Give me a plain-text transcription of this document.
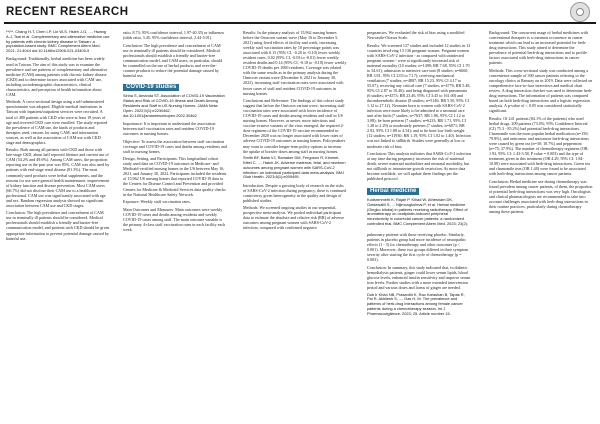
RECENT RESEARCH

**/**. Chang H-T, Chen I-P, Lin W-S, Hsieh J-G, ..., Hwang A-J, Tsai et al. Complementary and alternative medicine use by patients with chronic kidney disease in Taiwan: a population-based study. BMC Complement Altern Med. 2021; 21:4044 doi:10.1186/s12906-021-03405-9

Background: Traditionally, herbal medicine has been widely used in Taiwan. The aim of this study was to examine the prevalence and use patterns of complementary and alternative medicine (CAM) among patients with chronic kidney disease (CKD) and to determine factors associated with CAM use, including sociodemographic characteristics, clinical characteristics, and perception of health information about CAM.

Methods: A cross-sectional design using a self-administered questionnaire was adopted. Eligible medical institutions in Taiwan with inpatient/outpatient services were recruited. A total of 480 patients with CKD who were at least 18 years of age and received CKD care were enrolled. The study reported the prevalence of CAM use, the kinds of products and therapies used, reasons for using CAM, and information sources, as well as the association of CAM use with CKD stage and demographics.

Results: Both among all patients with CKD and those with late-stage CKD, about half reported lifetime and current use of CAM (54.2% and 49.6%). Among CAM users, the proportion reporting use in the past year was 85%. CAM was also used by patients with end-stage renal disease (81.3%). The most commonly used products were herbal supplements, and the reasons for use were general health maintenance, improvement of kidney function and disease prevention. Most CAM users (66.7%) did not disclose their CAM use to a healthcare professional. CAM use was significantly associated with age and sex. Random regression analysis showed no significant association between CAM use and CKD stages.

Conclusion: The high prevalence and concealment of CAM use in terminally ill patients should be considered. Medical professionals should establish a friendly and barrier-free communication model, and patients with CKD should be given appropriate information to prevent potential damage caused by harmful use.

ratio, 8.73; 95% confidence interval, 1.97-40.35) or influenza (odds ratio, 3.45; 95% confidence interval, 2.44-5.01).

Conclusion: The high prevalence and concealment of CAM use in terminally ill patients should be considered. Medical professionals should establish a friendly and barrier-free communication model, and CAM users, in particular, should be counselled on the use of herbal products and over-the-counter products to reduce the potential damage caused by harmful use.

COVID-19 studies

Sinha S, Amanda ST. Association of COVID-19 Vaccination Status and Risk of COVID-19 Illness and Death Among Residents and Staff in US Nursing Homes. JAMA Netw Open. 2022;5(1):e2230462. doi:10.1001/jamanetworkopen.2022.30462

Importance: It is important to understand the association between staff vaccination rates and resident COVID-19 outcomes in nursing homes.

Objective: To assess the association between staff vaccination coverage and COVID-19 cases and deaths among residents and staff in nursing homes.

Design, Setting, and Participants: This longitudinal cohort study used data on COVID-19 outcomes in Medicare- and Medicaid-certified nursing homes in the US between May 16, 2021, and January 30, 2022. Participants included the residents of 15,962 US nursing homes that reported COVID-19 data to the Centers for Disease Control and Prevention and provided Centers for Medicare & Medicaid Services data quality checks in the National Healthcare Safety Network.

Exposure: Weekly staff vaccination rates.

Main Outcomes and Measures: Main outcomes were weekly COVID-19 cases and deaths among residents and weekly COVID-19 cases among staff. The main outcome variable is the primary 4-class staff vaccination rates in each facility each week.

Results: In the primary analysis of 15,962 nursing homes before the Omicron variant wave (May 16 to December 5, 2021) using fixed effects of facility and week, increasing weekly staff vaccination rates by 10 percentage points was associated with 0.15 (95% CI, -0.20 to -0.10) fewer weekly resident cases, 0.02 (95% CI, -0.03 to -0.01) fewer weekly resident deaths and 0.14 (95% CI, -0.18 to -0.10) fewer weekly COVID-19 deaths per 1000 residents. Coverage was related with the same results as in the primary analysis during the Omicron variant wave (December 6, 2021 to January 30, 2022), increasing staff vaccination rates were associated with fewer cases of staff and resident COVID-19 outcomes in nursing homes.

Conclusions and Relevance: The findings of this cohort study suggest that before the Omicron variant wave, increasing staff vaccination rates were associated with lower incidence of COVID-19 cases and deaths among residents and staff in US nursing homes. However, as newer, more infectious and vaccine-evasive variants of the virus emerged, the required 2-dose regimens of the COVID-19 vaccine recommended in December 2020 was no longer associated with lower rates of adverse COVID-19 outcomes in nursing homes. Policymakers may want to consider longer-term policy options to increase the uptake of booster doses among staff in nursing homes.

Smith BF, Batta VJ, Ramaker DM, Ferguson R, Kimmel-Kittel C, ..., Hatch JK. Adverse maternal, fetal, and newborn outcomes among pregnant women with SARS-CoV-2 infection: an individual participant data meta-analysis. BMJ Glob Health. 2023;8(1):e009495.

Introduction: Despite a growing body of research on the risks of SARS-CoV-2 infection during pregnancy, there is continued controversy given heterogeneity in the quality and design of published studies.

Methods: We screened ongoing studies in our sequential, prospective meta-analysis. We pooled individual participant data to estimate the absolute and relative risk (RR) of adverse outcomes among pregnant women with SARS-CoV-2 infection, compared with confirmed negative

pregnancies. We evaluated the risk of bias using a modified Newcastle-Ottawa Scale.

Results: We screened 137 studies and included 12 studies in 12 countries involving 13 136 pregnant women. Pregnant women with SARS-CoV-2 infection - as compared with uninfected pregnant women - were at significantly increased risk of maternal mortality (10 studies; n=1490; RR 7.68, 95% CI 1.70 to 34.61); admission to intensive care unit (8 studies; n=6660; RR 3.81, 95% CI 2.03 to 7.17); receiving mechanical ventilation (7 studies; n=4887; RR 15.23, 95% CI 4.17 to 55.67); receiving any critical care (7 studies; n=4776; RR 5.48, 95% CI 2.87 to 10.46); and being diagnosed with pneumonia (6 studies; n=4573; RR 23.46, 95% CI 3.45 to 161.00) and thromboembolic disease (8 studies; n=5146; RR 5.50, 95% CI 1.12 to 27.12). Neonates born to women with SARS-CoV-2 infection were more likely to be admitted to a neonatal care unit after birth (7 studies; n=7637; RR 1.86, 95% CI 1.12 to 3.08); be born preterm (7 studies; n=6233; RR 1.71, 95% CI 1.28 to 2.29) or moderately preterm (7 studies; n=6071; RR 2.92, 95% CI 1.88 to 4.54); and to be born low birth weight (12 studies; n=11930; RR 1.19, 95% CI 1.02 to 1.40). Infection was not linked to stillbirth. Studies were generally at low or moderate risk of bias.

Conclusion: This analysis indicates that SARS-CoV-2 infection at any time during pregnancy increases the risk of maternal death, severe maternal morbidities and neonatal morbidity, but not stillbirth or intrauterine growth restriction. As more data become available, we will update these findings per the published protocol.

Herbal medicine

Kodsrenmeth K, Rajah P, Kihad W, Athesham DK, Gotsewallil S, ... Nijimongkolmai P, et al. Herbal medicine (Gingko biloba) in patients receiving radiotherapy. Effect of aromatherapy on oxaliplatin-induced peripheral neurotoxicity in colorectal cancer patients: a randomized controlled trial. BMC Complement Altern Med. 2023; 23(2).

pulmonary patients with those receiving placebo. Similarly, patients in placebo group had more incidence of neuropathic effects (1 - 3) for chemotherapy and other outcomes (p < 0.001). Moreover, these two groups differed in their symptom severity after starting the first cycle of chemotherapy (p = 0.003).

Conclusion: In summary, this study indicated that, in diabetic hemodialysis patients, ginger could lower serum lipids, blood glucose levels, enhanced insulin sensitivity and improve serum iron levels. Further studies with a more extended intervention period and various doses and forms of ginger are needed.

Dub Ir Khan NB, Prasanthi K, Rao Karashan B, Tapas R, Pai R, Akhilesh S, ..., Das H, M. The prevalence and patterns of herb-drug interactions among female cancer patients during a chemotherapy session. Int J Pharmacovigilance. 2023; 25. Article number 15.

Background: The concurrent usage of herbal medicines with conventional therapies is a common occurrence in cancer treatment which can lead to an increased potential for herb-drug interactions. This study aimed to determine the prevalence of potential herb-drug interactions and to profile factors associated with herb-drug interactions in cancer patients.

Methods: This cross-sectional study was conducted among a convenience sample of 300 cancer patients referring to the oncology clinics at Ramsay on in 2019. Data were collected on comprehensive face-to-face interviews and medical chart review. A drug interaction checker was used to determine herb-drug interactions. The information of patients was compared based on both herb-drug interactions and a logistic regression analysis. A p-value of < 0.05 was considered statistically significant.

Results: Of 241 patients (84.1% of the patients) who used herbal drugs, 209 patients (73.0%; 95% Confidence Interval (CI) 75.3 - 85.2%) had potential herb-drug interactions. Chamomile was the most popular herbal medication (n=150; 79.8%), and anticancer and anticancer herb-drug interactions were caused by green tea (n=30; 10.7%) and peppermint (n=75; 37.9%). The number of chemotherapy regimens (OR: 1.92, 95% CI: 1.43-3.58, P value = 0.003) and the type of treatment given in this treatment (OR 4.29, 95% CI: 1.84-10.08) were associated with herb-drug interactions. Green tea and chamomile teas (OR 1.40) were found to be associated with herb-drug interactions among cancer patients.

Conclusion: Herbal medicine use during chemotherapy was found prevalent among cancer patients, of them, the proportion of potential herb-drug interactions was very high. Oncologists and clinical pharmacologists are recommended to take into account challenges associated with herb-drug interactions in their routine practices, particularly during chemotherapy among these patients.
